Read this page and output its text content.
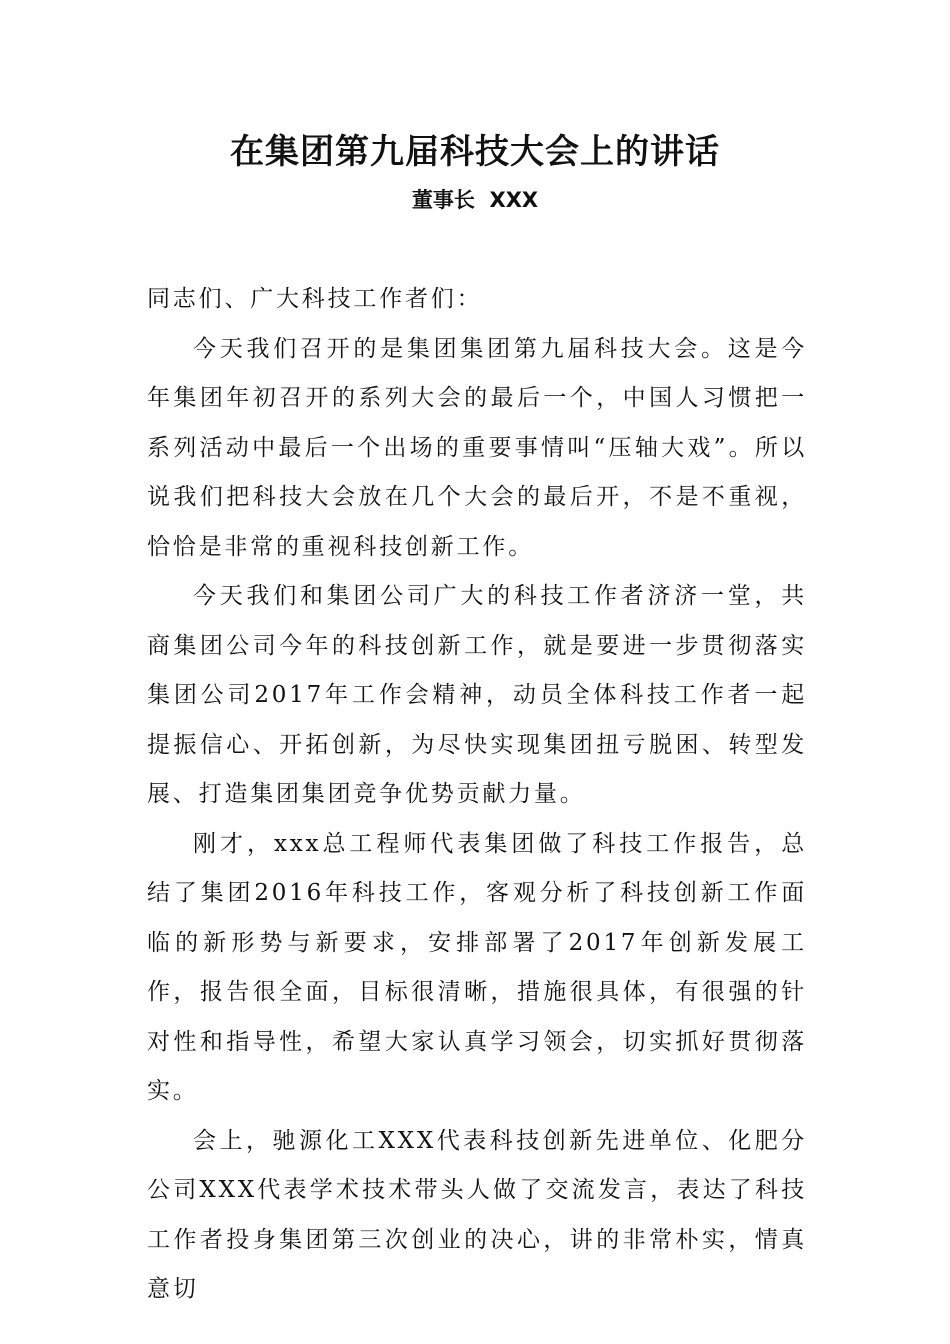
在集团第九届科技大会上的讲话
董事长  XXX

同志们、广大科技工作者们：

今天我们召开的是集团集团第九届科技大会。这是今年集团年初召开的系列大会的最后一个，中国人习惯把一系列活动中最后一个出场的重要事情叫“压轴大戏”。所以说我们把科技大会放在几个大会的最后开，不是不重视，恰恰是非常的重视科技创新工作。

今天我们和集团公司广大的科技工作者济济一堂，共商集团公司今年的科技创新工作，就是要进一步贯彻落实集团公司2017年工作会精神，动员全体科技工作者一起提振信心、开拓创新，为尽快实现集团扭亏脱困、转型发展、打造集团集团竞争优势贡献力量。

刚才，xxx总工程师代表集团做了科技工作报告，总结了集团2016年科技工作，客观分析了科技创新工作面临的新形势与新要求，安排部署了2017年创新发展工作，报告很全面，目标很清晰，措施很具体，有很强的针对性和指导性，希望大家认真学习领会，切实抓好贯彻落实。

会上，驰源化工XXX代表科技创新先进单位、化肥分公司XXX代表学术技术带头人做了交流发言，表达了科技工作者投身集团第三次创业的决心，讲的非常朴实，情真意切
